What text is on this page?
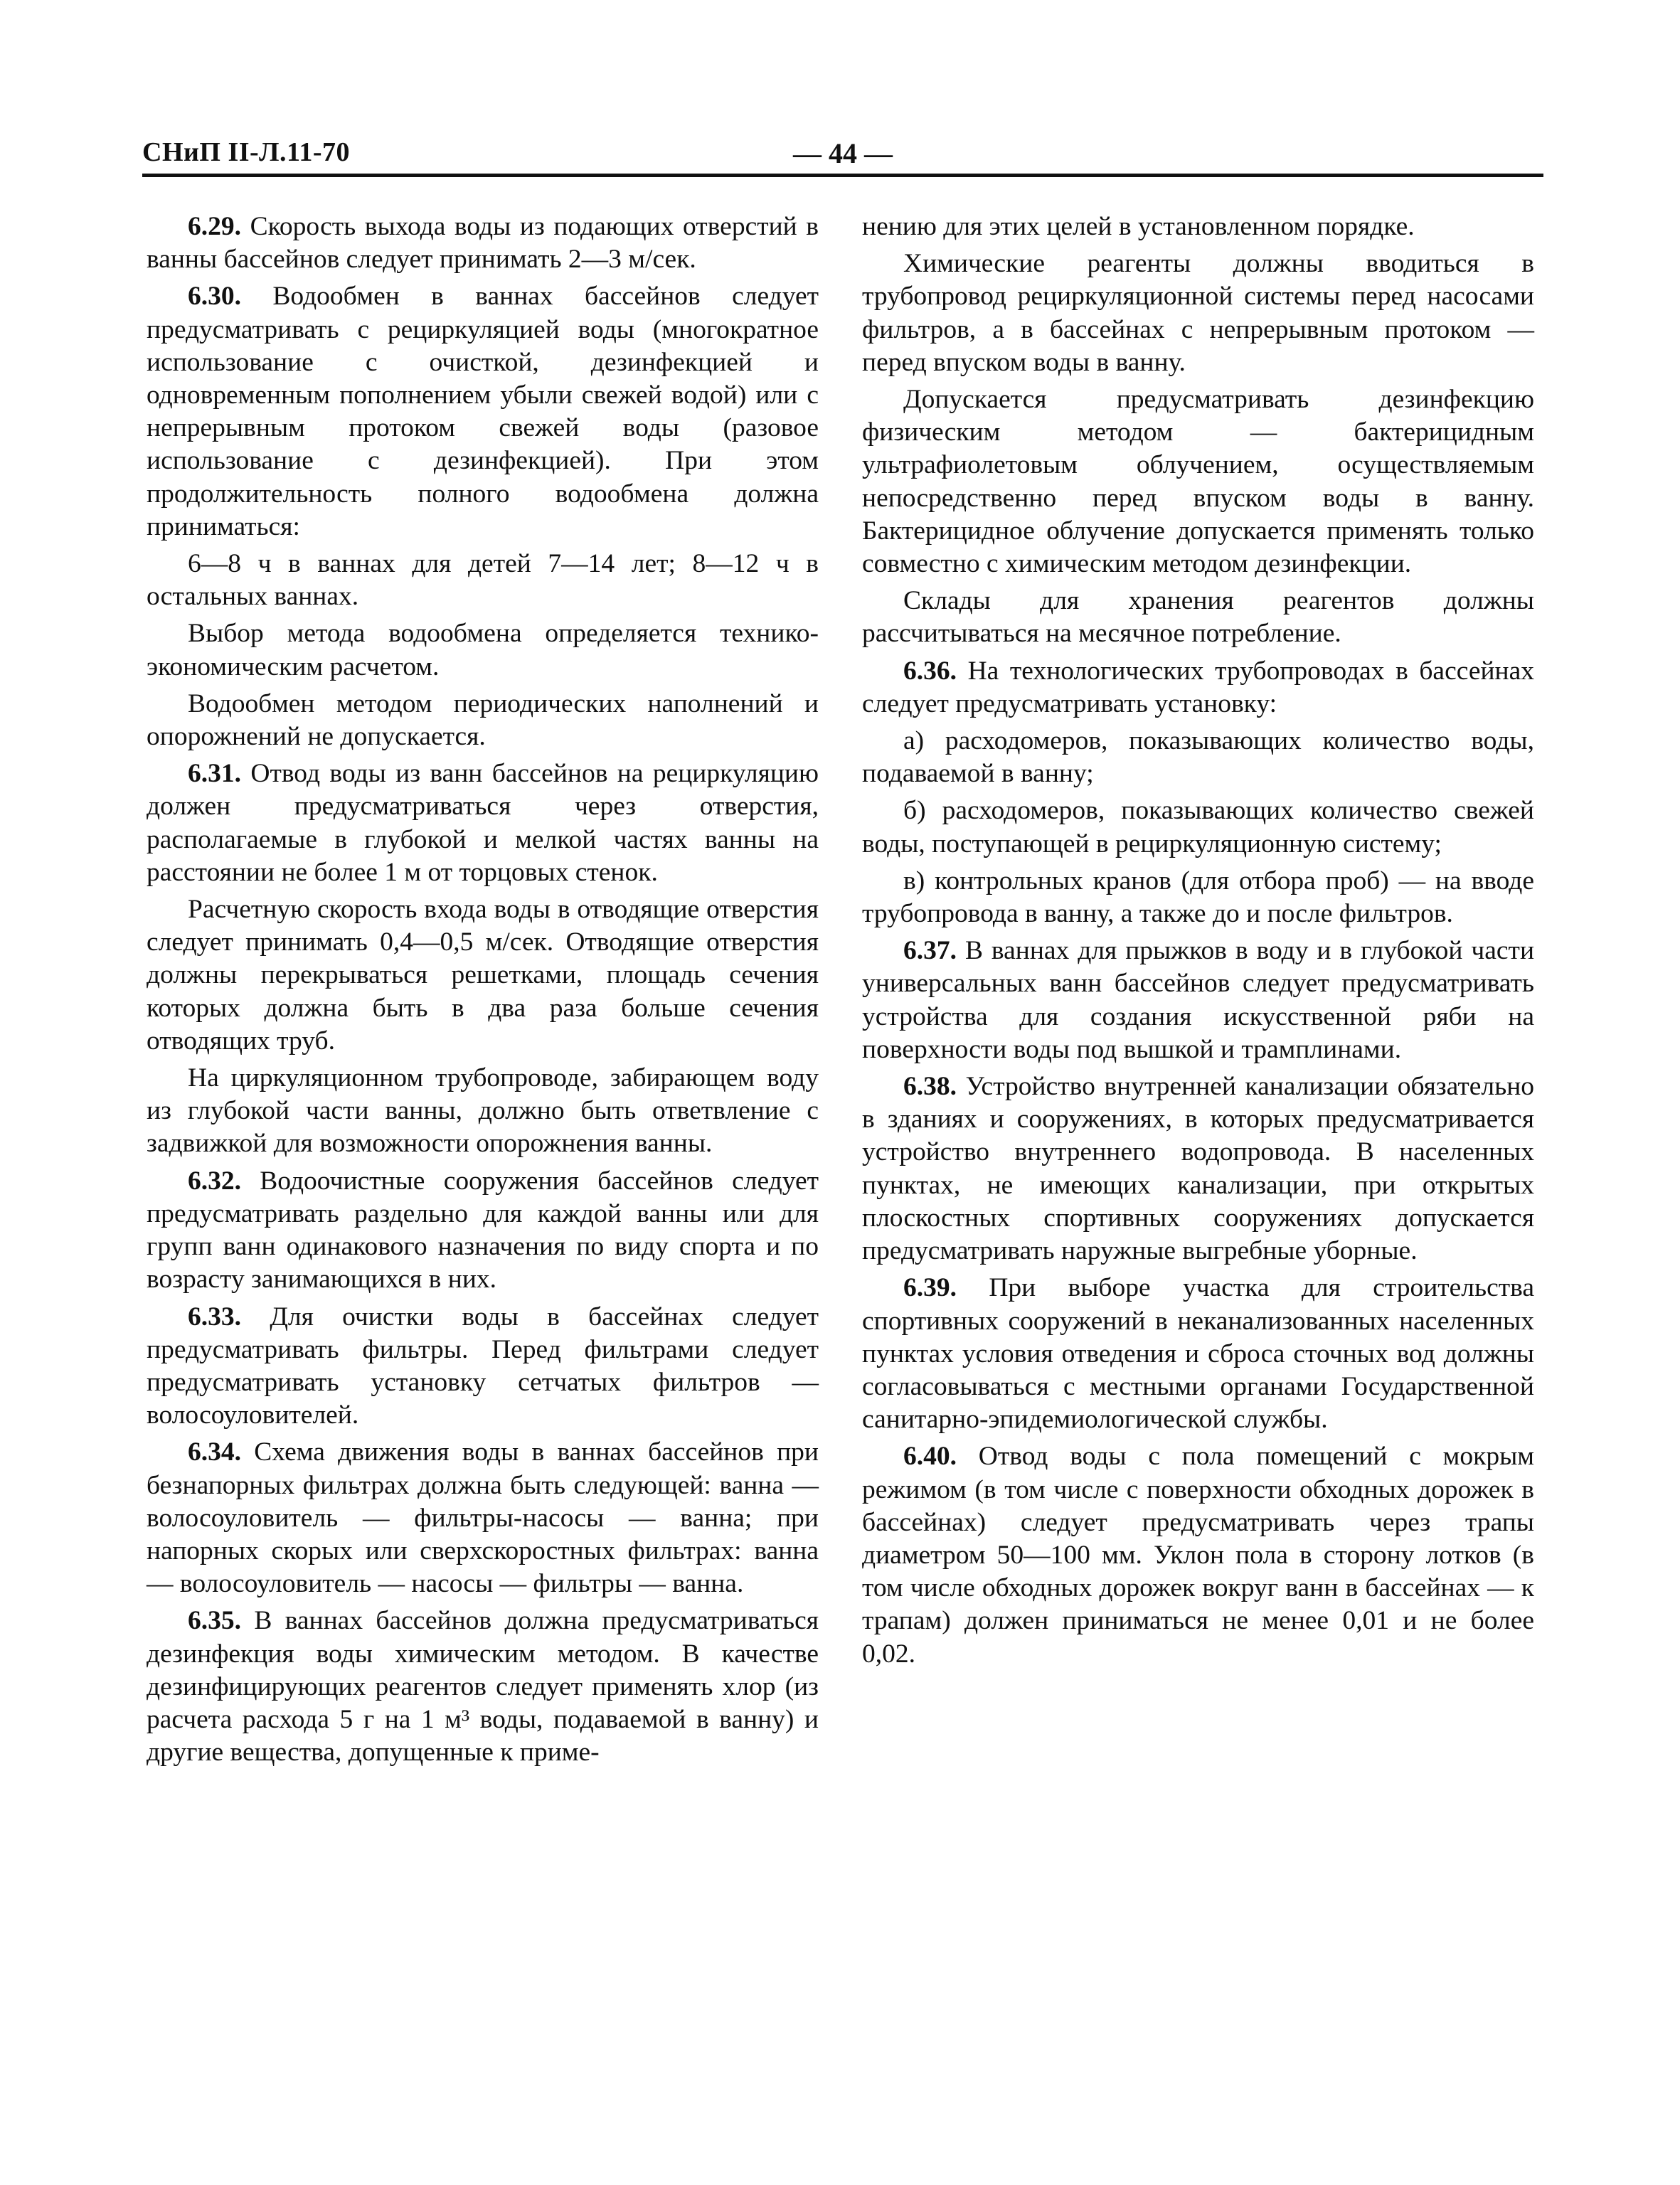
СНиП II-Л.11-70	— 44 —

6.29. Скорость выхода воды из подающих отверстий в ванны бассейнов следует принимать 2—3 м/сек.

6.30. Водообмен в ваннах бассейнов следует предусматривать с рециркуляцией воды (многократное использование с очисткой, дезинфекцией и одновременным пополнением убыли свежей водой) или с непрерывным протоком свежей воды (разовое использование с дезинфекцией). При этом продолжительность полного водообмена должна приниматься:

6—8 ч в ваннах для детей 7—14 лет; 8—12 ч в остальных ваннах.

Выбор метода водообмена определяется технико-экономическим расчетом.

Водообмен методом периодических наполнений и опорожнений не допускается.

6.31. Отвод воды из ванн бассейнов на рециркуляцию должен предусматриваться через отверстия, располагаемые в глубокой и мелкой частях ванны на расстоянии не более 1 м от торцовых стенок.

Расчетную скорость входа воды в отводящие отверстия следует принимать 0,4—0,5 м/сек. Отводящие отверстия должны перекрываться решетками, площадь сечения которых должна быть в два раза больше сечения отводящих труб.

На циркуляционном трубопроводе, забирающем воду из глубокой части ванны, должно быть ответвление с задвижкой для возможности опорожнения ванны.

6.32. Водоочистные сооружения бассейнов следует предусматривать раздельно для каждой ванны или для групп ванн одинакового назначения по виду спорта и по возрасту занимающихся в них.

6.33. Для очистки воды в бассейнах следует предусматривать фильтры. Перед фильтрами следует предусматривать установку сетчатых фильтров — волосоуловителей.

6.34. Схема движения воды в ваннах бассейнов при безнапорных фильтрах должна быть следующей: ванна — волосоуловитель — фильтры-насосы — ванна; при напорных скорых или сверхскоростных фильтрах: ванна — волосоуловитель — насосы — фильтры — ванна.

6.35. В ваннах бассейнов должна предусматриваться дезинфекция воды химическим методом. В качестве дезинфицирующих реагентов следует применять хлор (из расчета расхода 5 г на 1 м³ воды, подаваемой в ванну) и другие вещества, допущенные к приме-

нению для этих целей в установленном порядке.

Химические реагенты должны вводиться в трубопровод рециркуляционной системы перед насосами фильтров, а в бассейнах с непрерывным протоком — перед впуском воды в ванну.

Допускается предусматривать дезинфекцию физическим методом — бактерицидным ультрафиолетовым облучением, осуществляемым непосредственно перед впуском воды в ванну. Бактерицидное облучение допускается применять только совместно с химическим методом дезинфекции.

Склады для хранения реагентов должны рассчитываться на месячное потребление.

6.36. На технологических трубопроводах в бассейнах следует предусматривать установку:

а) расходомеров, показывающих количество воды, подаваемой в ванну;

б) расходомеров, показывающих количество свежей воды, поступающей в рециркуляционную систему;

в) контрольных кранов (для отбора проб) — на вводе трубопровода в ванну, а также до и после фильтров.

6.37. В ваннах для прыжков в воду и в глубокой части универсальных ванн бассейнов следует предусматривать устройства для создания искусственной ряби на поверхности воды под вышкой и трамплинами.

6.38. Устройство внутренней канализации обязательно в зданиях и сооружениях, в которых предусматривается устройство внутреннего водопровода. В населенных пунктах, не имеющих канализации, при открытых плоскостных спортивных сооружениях допускается предусматривать наружные выгребные уборные.

6.39. При выборе участка для строительства спортивных сооружений в неканализованных населенных пунктах условия отведения и сброса сточных вод должны согласовываться с местными органами Государственной санитарно-эпидемиологической службы.

6.40. Отвод воды с пола помещений с мокрым режимом (в том числе с поверхности обходных дорожек в бассейнах) следует предусматривать через трапы диаметром 50—100 мм. Уклон пола в сторону лотков (в том числе обходных дорожек вокруг ванн в бассейнах — к трапам) должен приниматься не менее 0,01 и не более 0,02.
